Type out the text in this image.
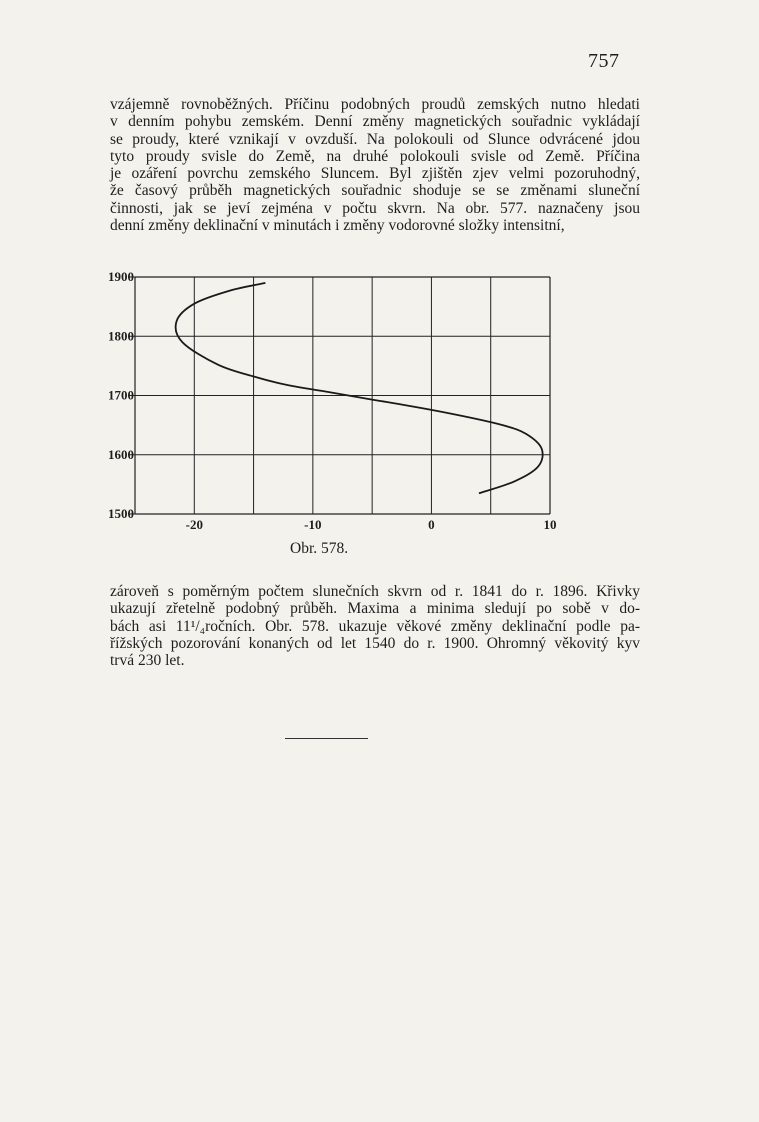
757
vzájemně rovnoběžných. Příčinu podobných proudů zemských nutno hledati
v denním pohybu zemském. Denní změny magnetických souřadnic vykládají
se proudy, které vznikají v ovzduší. Na polokouli od Slunce odvrácené jdou
tyto proudy svisle do Země, na druhé polokouli svisle od Země. Příčina
je ozáření povrchu zemského Sluncem. Byl zjištěn zjev velmi pozoruhodný,
že časový průběh magnetických souřadnic shoduje se se změnami sluneční
činnosti, jak se jeví zejména v počtu skvrn. Na obr. 577. naznačeny jsou
denní změny deklinační v minutách i změny vodorovné složky intensitní,
1500
1600
1700
1800
1900
-20	-10	0	10
Obr. 578.
zároveň s poměrným počtem slunečních skvrn od r. 1841 do r. 1896. Křivky
ukazují zřetelně podobný průběh. Maxima a minima sledují po sobě v do-
bách asi 11¹/₄ročních. Obr. 578. ukazuje věkové změny deklinační podle pa-
řížských pozorování konaných od let 1540 do r. 1900. Ohromný věkovitý kyv
trvá 230 let.
